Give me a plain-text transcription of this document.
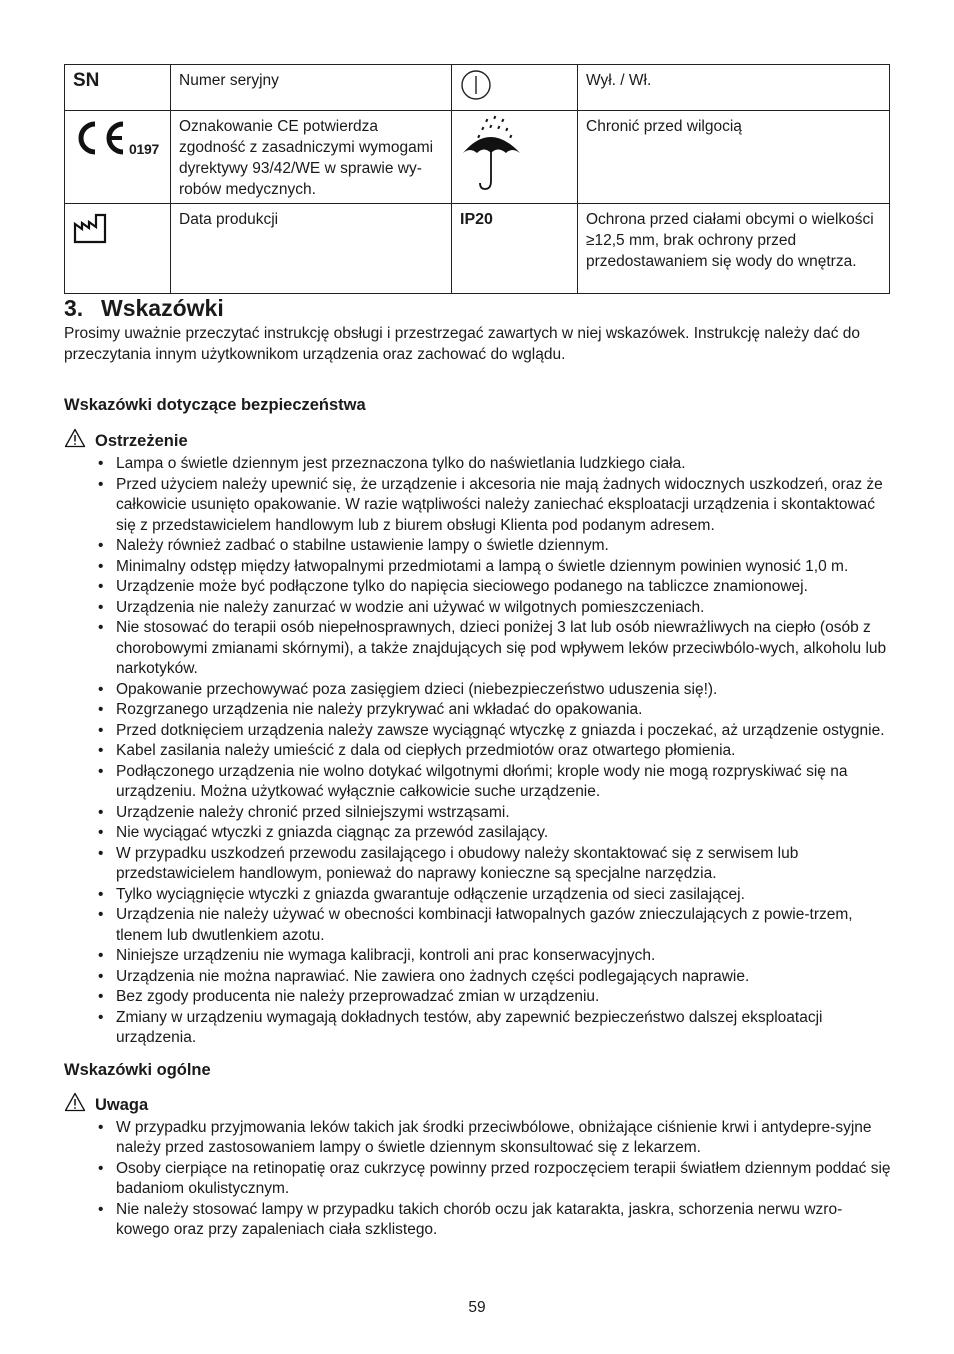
SN	Numer seryjny		Wył. / Wł.

0197	Oznakowanie CE potwierdza zgodność z zasadniczymi wymogami dyrektywy 93/42/WE w sprawie wy-robów medycznych.		Chronić przed wilgocią
	Data produkcji	IP20	Ochrona przed ciałami obcymi o wielkości ≥12,5 mm, brak ochrony przed przedostawaniem się wody do wnętrza.
3. Wskazówki

Prosimy uważnie przeczytać instrukcję obsługi i przestrzegać zawartych w niej wskazówek. Instrukcję należy dać do przeczytania innym użytkownikom urządzenia oraz zachować do wglądu.

Wskazówki dotyczące bezpieczeństwa
Ostrzeżenie
• Lampa o świetle dziennym jest przeznaczona tylko do naświetlania ludzkiego ciała.
• Przed użyciem należy upewnić się, że urządzenie i akcesoria nie mają żadnych widocznych uszkodzeń, oraz że całkowicie usunięto opakowanie. W razie wątpliwości należy zaniechać eksploatacji urządzenia i skontaktować się z przedstawicielem handlowym lub z biurem obsługi Klienta pod podanym adresem.
• Należy również zadbać o stabilne ustawienie lampy o świetle dziennym.
• Minimalny odstęp między łatwopalnymi przedmiotami a lampą o świetle dziennym powinien wynosić 1,0 m.
• Urządzenie może być podłączone tylko do napięcia sieciowego podanego na tabliczce znamionowej.
• Urządzenia nie należy zanurzać w wodzie ani używać w wilgotnych pomieszczeniach.
• Nie stosować do terapii osób niepełnosprawnych, dzieci poniżej 3 lat lub osób niewrażliwych na ciepło (osób z chorobowymi zmianami skórnymi), a także znajdujących się pod wpływem leków przeciwbólo-wych, alkoholu lub narkotyków.
• Opakowanie przechowywać poza zasięgiem dzieci (niebezpieczeństwo uduszenia się!).
• Rozgrzanego urządzenia nie należy przykrywać ani wkładać do opakowania.
• Przed dotknięciem urządzenia należy zawsze wyciągnąć wtyczkę z gniazda i poczekać, aż urządzenie ostygnie.
• Kabel zasilania należy umieścić z dala od ciepłych przedmiotów oraz otwartego płomienia.
• Podłączonego urządzenia nie wolno dotykać wilgotnymi dłońmi; krople wody nie mogą rozpryskiwać się na urządzeniu. Można użytkować wyłącznie całkowicie suche urządzenie.
• Urządzenie należy chronić przed silniejszymi wstrząsami.
• Nie wyciągać wtyczki z gniazda ciągnąc za przewód zasilający.
• W przypadku uszkodzeń przewodu zasilającego i obudowy należy skontaktować się z serwisem lub przedstawicielem handlowym, ponieważ do naprawy konieczne są specjalne narzędzia.
• Tylko wyciągnięcie wtyczki z gniazda gwarantuje odłączenie urządzenia od sieci zasilającej.
• Urządzenia nie należy używać w obecności kombinacji łatwopalnych gazów znieczulających z powie-trzem, tlenem lub dwutlenkiem azotu.
• Niniejsze urządzeniu nie wymaga kalibracji, kontroli ani prac konserwacyjnych.
• Urządzenia nie można naprawiać. Nie zawiera ono żadnych części podlegających naprawie.
• Bez zgody producenta nie należy przeprowadzać zmian w urządzeniu.
• Zmiany w urządzeniu wymagają dokładnych testów, aby zapewnić bezpieczeństwo dalszej eksploatacji urządzenia.
Wskazówki ogólne
Uwaga
• W przypadku przyjmowania leków takich jak środki przeciwbólowe, obniżające ciśnienie krwi i antydepre-syjne należy przed zastosowaniem lampy o świetle dziennym skonsultować się z lekarzem.
• Osoby cierpiące na retinopatię oraz cukrzycę powinny przed rozpoczęciem terapii światłem dziennym poddać się badaniom okulistycznym.
• Nie należy stosować lampy w przypadku takich chorób oczu jak katarakta, jaskra, schorzenia nerwu wzro-kowego oraz przy zapaleniach ciała szklistego.
59
